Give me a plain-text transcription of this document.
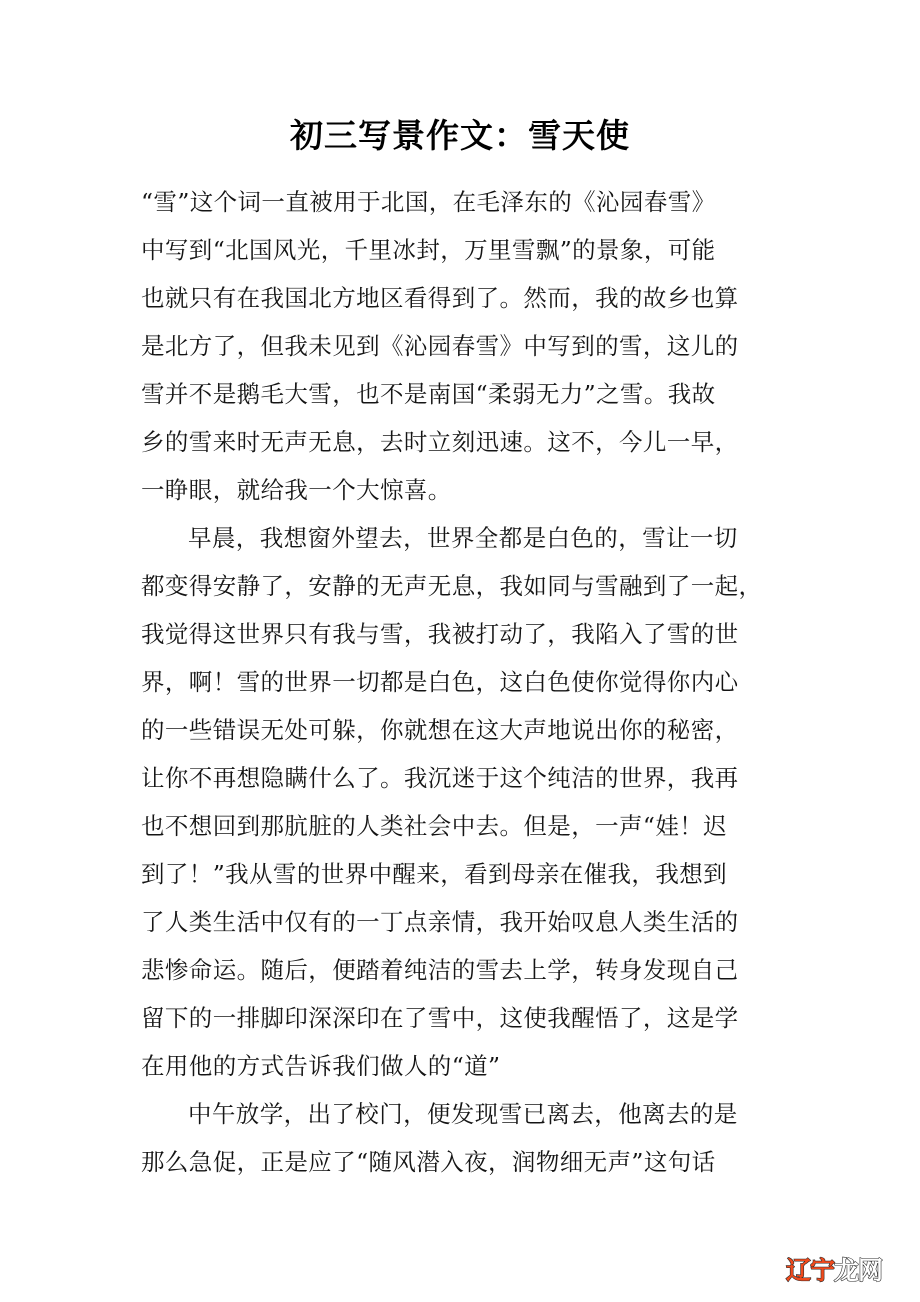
初三写景作文：雪天使
“雪”这个词一直被用于北国，在毛泽东的《沁园春雪》
中写到“北国风光，千里冰封，万里雪飘”的景象，可能
也就只有在我国北方地区看得到了。然而，我的故乡也算
是北方了，但我未见到《沁园春雪》中写到的雪，这儿的
雪并不是鹅毛大雪，也不是南国“柔弱无力”之雪。我故
乡的雪来时无声无息，去时立刻迅速。这不，今儿一早，
一睁眼，就给我一个大惊喜。
早晨，我想窗外望去，世界全都是白色的，雪让一切
都变得安静了，安静的无声无息，我如同与雪融到了一起，
我觉得这世界只有我与雪，我被打动了，我陷入了雪的世
界，啊！雪的世界一切都是白色，这白色使你觉得你内心
的一些错误无处可躲，你就想在这大声地说出你的秘密，
让你不再想隐瞒什么了。我沉迷于这个纯洁的世界，我再
也不想回到那肮脏的人类社会中去。但是，一声“娃！迟
到了！”我从雪的世界中醒来，看到母亲在催我，我想到
了人类生活中仅有的一丁点亲情，我开始叹息人类生活的
悲惨命运。随后，便踏着纯洁的雪去上学，转身发现自己
留下的一排脚印深深印在了雪中，这使我醒悟了，这是学
在用他的方式告诉我们做人的“道”
中午放学，出了校门，便发现雪已离去，他离去的是
那么急促，正是应了“随风潜入夜，润物细无声”这句话
辽宁龙网
